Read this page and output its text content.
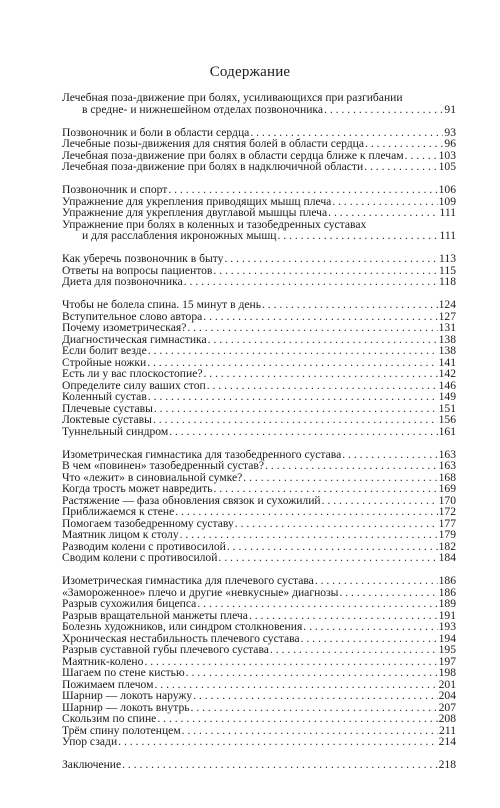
Содержание
Лечебная поза-движение при болях, усиливающихся при разгибании
в средне- и нижнешейном отделах позвоночника . . .	91
Позвоночник и боли в области сердца . . .	93
Лечебные позы-движения для снятия болей в области сердца . . .	96
Лечебная поза-движение при болях в области сердца ближе к плечам . . .	103
Лечебная поза-движение при болях в надключичной области . . .	105
Позвоночник и спорт . . .	106
Упражнение для укрепления приводящих мышц плеча . . .	109
Упражнение для укрепления двуглавой мышцы плеча . . .	111
Упражнение при болях в коленных и тазобедренных суставах
и для расслабления икроножных мышц . . .	111
Как уберечь позвоночник в быту . . .	113
Ответы на вопросы пациентов . . .	115
Диета для позвоночника . . .	118
Чтобы не болела спина. 15 минут в день . . .	124
Вступительное слово автора . . .	127
Почему изометрическая? . . .	131
Диагностическая гимнастика . . .	138
Если болит везде . . .	138
Стройные ножки . . .	141
Есть ли у вас плоскостопие? . . .	142
Определите силу ваших стоп . . .	146
Коленный сустав . . .	149
Плечевые суставы . . .	151
Локтевые суставы . . .	156
Туннельный синдром . . .	161
Изометрическая гимнастика для тазобедренного сустава . . .	163
В чем «повинен» тазобедренный сустав? . . .	163
Что «лежит» в синовиальной сумке? . . .	168
Когда трость может навредить . . .	169
Растяжение — фаза обновления связок и сухожилий . . .	170
Приближаемся к стене . . .	172
Помогаем тазобедренному суставу . . .	177
Маятник лицом к столу . . .	179
Разводим колени с противосилой . . .	182
Сводим колени с противосилой . . .	184
Изометрическая гимнастика для плечевого сустава . . .	186
«Замороженное» плечо и другие «невкусные» диагнозы . . .	186
Разрыв сухожилия бицепса . . .	189
Разрыв вращательной манжеты плеча . . .	191
Болезнь художников, или синдром столкновения . . .	193
Хроническая нестабильность плечевого сустава . . .	194
Разрыв суставной губы плечевого сустава . . .	195
Маятник-колено . . .	197
Шагаем по стене кистью . . .	198
Пожимаем плечом . . .	201
Шарнир — локоть наружу . . .	204
Шарнир — локоть внутрь . . .	207
Скользим по спине . . .	208
Трём спину полотенцем . . .	211
Упор сзади . . .	214
Заключение . . .	218
